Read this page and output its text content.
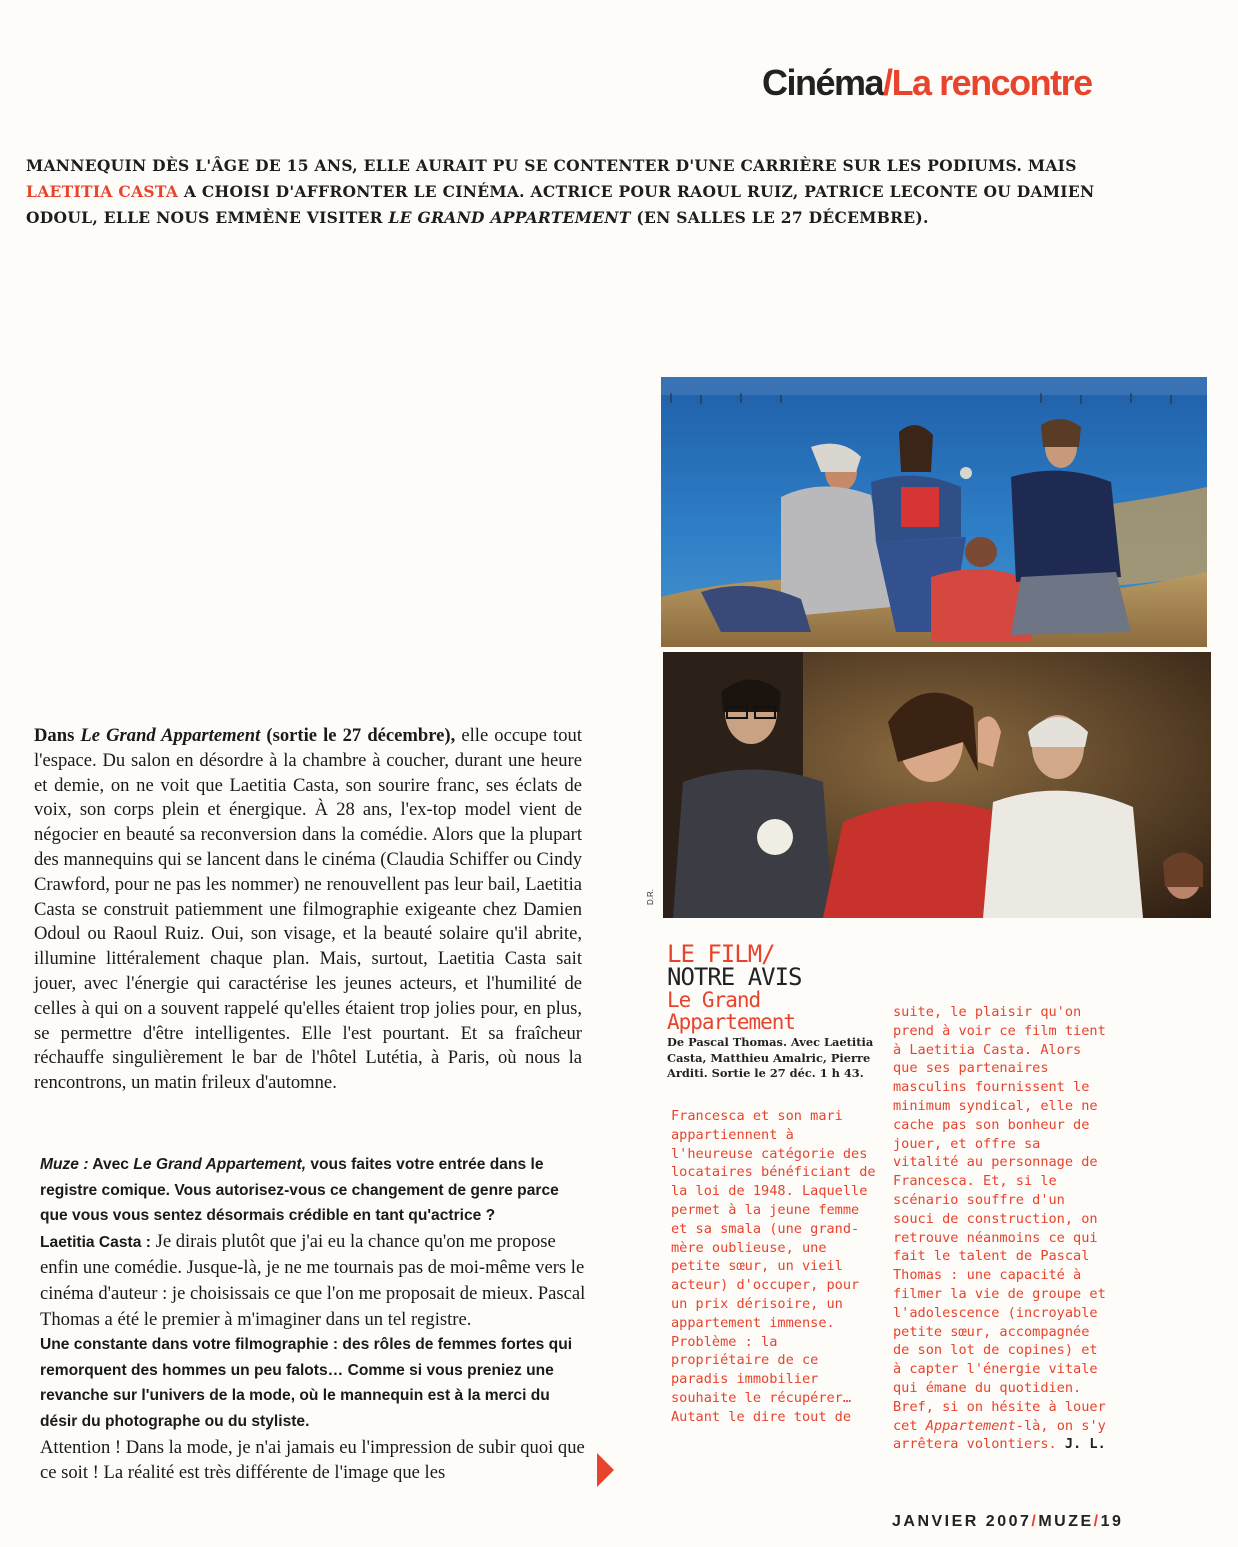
Cinéma/La rencontre
MANNEQUIN DÈS L'ÂGE DE 15 ANS, ELLE AURAIT PU SE CONTENTER D'UNE CARRIÈRE SUR LES PODIUMS. MAIS LAETITIA CASTA A CHOISI D'AFFRONTER LE CINÉMA. ACTRICE POUR RAOUL RUIZ, PATRICE LECONTE OU DAMIEN ODOUL, ELLE NOUS EMMÈNE VISITER LE GRAND APPARTEMENT (EN SALLES LE 27 DÉCEMBRE).
D.R.

Dans Le Grand Appartement (sortie le 27 décembre), elle occupe tout l'espace. Du salon en désordre à la chambre à coucher, durant une heure et demie, on ne voit que Laetitia Casta, son sourire franc, ses éclats de voix, son corps plein et énergique. À 28 ans, l'ex-top model vient de négocier en beauté sa reconversion dans la comédie. Alors que la plupart des mannequins qui se lancent dans le cinéma (Claudia Schiffer ou Cindy Crawford, pour ne pas les nommer) ne renouvellent pas leur bail, Laetitia Casta se construit patiemment une filmographie exigeante chez Damien Odoul ou Raoul Ruiz. Oui, son visage, et la beauté solaire qu'il abrite, illumine littéralement chaque plan. Mais, surtout, Laetitia Casta sait jouer, avec l'énergie qui caractérise les jeunes acteurs, et l'humilité de celles à qui on a souvent rappelé qu'elles étaient trop jolies pour, en plus, se permettre d'être intelligentes. Elle l'est pourtant. Et sa fraîcheur réchauffe singulièrement le bar de l'hôtel Lutétia, à Paris, où nous la rencontrons, un matin frileux d'automne.

Muze : Avec Le Grand Appartement, vous faites votre entrée dans le registre comique. Vous autorisez-vous ce changement de genre parce que vous vous sentez désormais crédible en tant qu'actrice ?

Laetitia Casta : Je dirais plutôt que j'ai eu la chance qu'on me propose enfin une comédie. Jusque-là, je ne me tournais pas de moi-même vers le cinéma d'auteur : je choisissais ce que l'on me proposait de mieux. Pascal Thomas a été le premier à m'imaginer dans un tel registre.

Une constante dans votre filmographie : des rôles de femmes fortes qui remorquent des hommes un peu falots… Comme si vous preniez une revanche sur l'univers de la mode, où le mannequin est à la merci du désir du photographe ou du styliste.

Attention ! Dans la mode, je n'ai jamais eu l'impression de subir quoi que ce soit ! La réalité est très différente de l'image que les

LE FILM/
NOTRE AVIS
Le Grand
Appartement
De Pascal Thomas. Avec Laetitia Casta, Matthieu Amalric, Pierre Arditi. Sortie le 27 déc. 1 h 43.

Francesca et son mari appartiennent à l'heureuse catégorie des locataires bénéficiant de la loi de 1948. Laquelle permet à la jeune femme et sa smala (une grand-mère oublieuse, une petite sœur, un vieil acteur) d'occuper, pour un prix dérisoire, un appartement immense. Problème : la propriétaire de ce paradis immobilier souhaite le récupérer… Autant le dire tout de

suite, le plaisir qu'on prend à voir ce film tient à Laetitia Casta. Alors que ses partenaires masculins fournissent le minimum syndical, elle ne cache pas son bonheur de jouer, et offre sa vitalité au personnage de Francesca. Et, si le scénario souffre d'un souci de construction, on retrouve néanmoins ce qui fait le talent de Pascal Thomas : une capacité à filmer la vie de groupe et l'adolescence (incroyable petite sœur, accompagnée de son lot de copines) et à capter l'énergie vitale qui émane du quotidien. Bref, si on hésite à louer cet Appartement-là, on s'y arrêtera volontiers. J. L.

JANVIER 2007/MUZE/19
